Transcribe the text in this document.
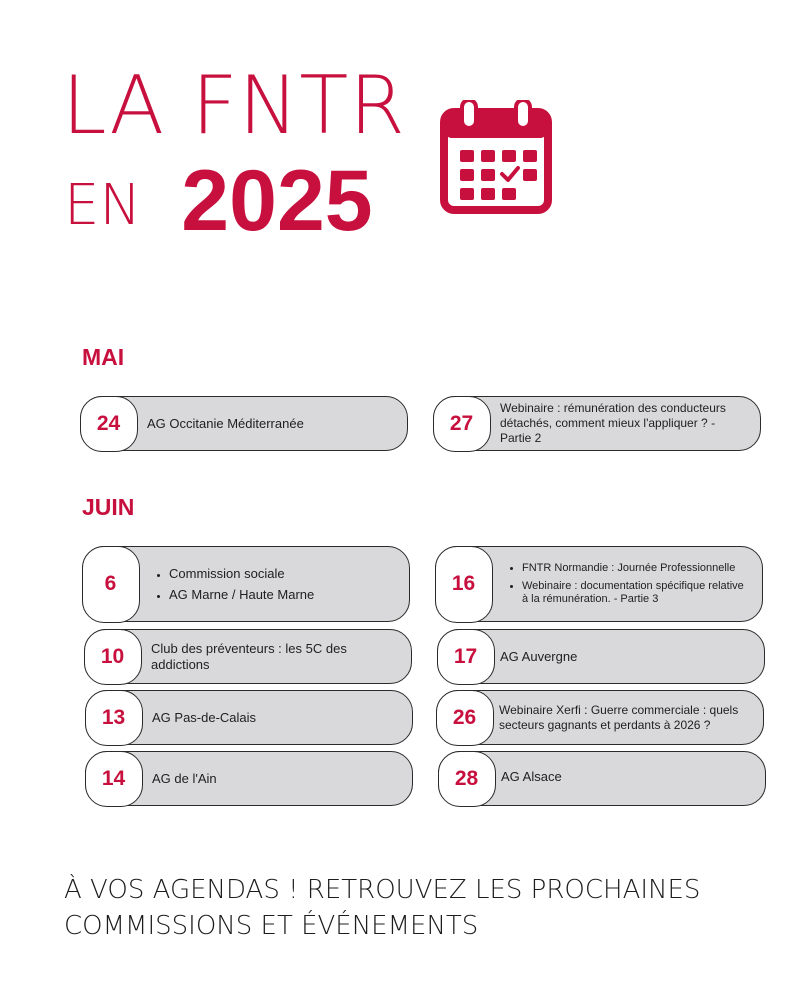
LA FNTR
EN 2025
MAI
24	AG Occitanie Méditerranée	27
Webinaire : rémunération des conducteurs détachés, comment mieux l'appliquer ? - Partie 2
JUIN
6
•	Commission sociale
• AG Marne / Haute Marne	16
• FNTR Normandie : Journée Professionnelle
• Webinaire : documentation spécifique relative à la rémunération. - Partie 3
10	Club des préventeurs : les 5C des addictions	17	AG Auvergne
13	AG Pas-de-Calais	26	Webinaire Xerfi : Guerre commerciale : quels secteurs gagnants et perdants à 2026 ?
14	AG de l'Ain	28	AG Alsace

À VOS AGENDAS ! RETROUVEZ LES PROCHAINES
COMMISSIONS ET ÉVÉNEMENTS
